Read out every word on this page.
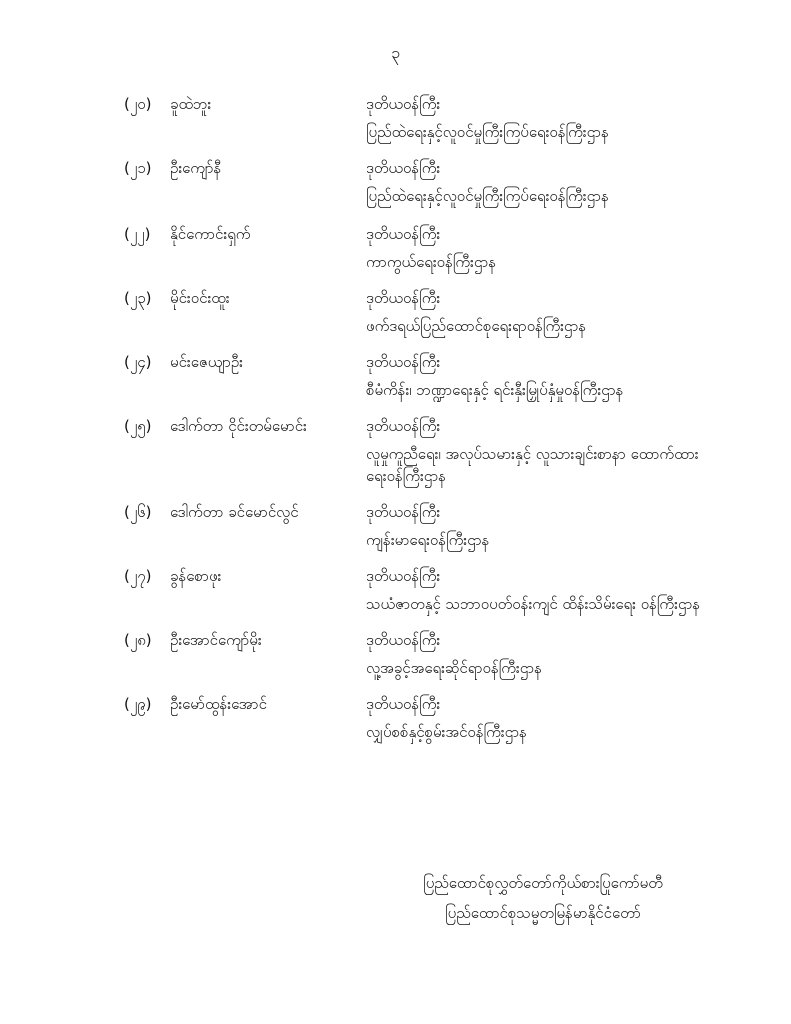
၃
(၂၀)	ခူထဲဘူး	ဒုတိယဝန်ကြီး
ပြည်ထဲရေးနှင့်လူဝင်မှုကြီးကြပ်ရေးဝန်ကြီးဌာန
(၂၁)	ဦးကျော်နီ	ဒုတိယဝန်ကြီး
ပြည်ထဲရေးနှင့်လူဝင်မှုကြီးကြပ်ရေးဝန်ကြီးဌာန
(၂၂)	နိုင်ကောင်းရှက်	ဒုတိယဝန်ကြီး
ကာကွယ်ရေးဝန်ကြီးဌာန
(၂၃)	မိုင်းဝင်းထူး	ဒုတိယဝန်ကြီး
ဖက်ဒရယ်ပြည်ထောင်စုရေးရာဝန်ကြီးဌာန
(၂၄)	မင်းဇေယျာဦး	ဒုတိယဝန်ကြီး
စီမံကိန်း၊ ဘဏ္ဍာရေးနှင့် ရင်းနှီးမြှုပ်နှံမှုဝန်ကြီးဌာန
(၂၅)	ဒေါက်တာ ငိုင်းတမ်မောင်း	ဒုတိယဝန်ကြီး
လူမှုကူညီရေး၊ အလုပ်သမားနှင့် လူသားချင်းစာနာ ထောက်ထားရေးဝန်ကြီးဌာန
(၂၆)	ဒေါက်တာ ခင်မောင်လွင်	ဒုတိယဝန်ကြီး
ကျန်းမာရေးဝန်ကြီးဌာန
(၂၇)	ခွန်စောဖုး	ဒုတိယဝန်ကြီး
သယံဇာတနှင့် သဘာဝပတ်ဝန်းကျင် ထိန်းသိမ်းရေး ဝန်ကြီးဌာန
(၂၈)	ဦးအောင်ကျော်မိုး	ဒုတိယဝန်ကြီး
လူ့အခွင့်အရေးဆိုင်ရာဝန်ကြီးဌာန
(၂၉)	ဦးမော်ထွန်းအောင်	ဒုတိယဝန်ကြီး
လျှပ်စစ်နှင့်စွမ်းအင်ဝန်ကြီးဌာန
ပြည်ထောင်စုလွှတ်တော်ကိုယ်စားပြုကော်မတီ
ပြည်ထောင်စုသမ္မတမြန်မာနိုင်ငံတော်
